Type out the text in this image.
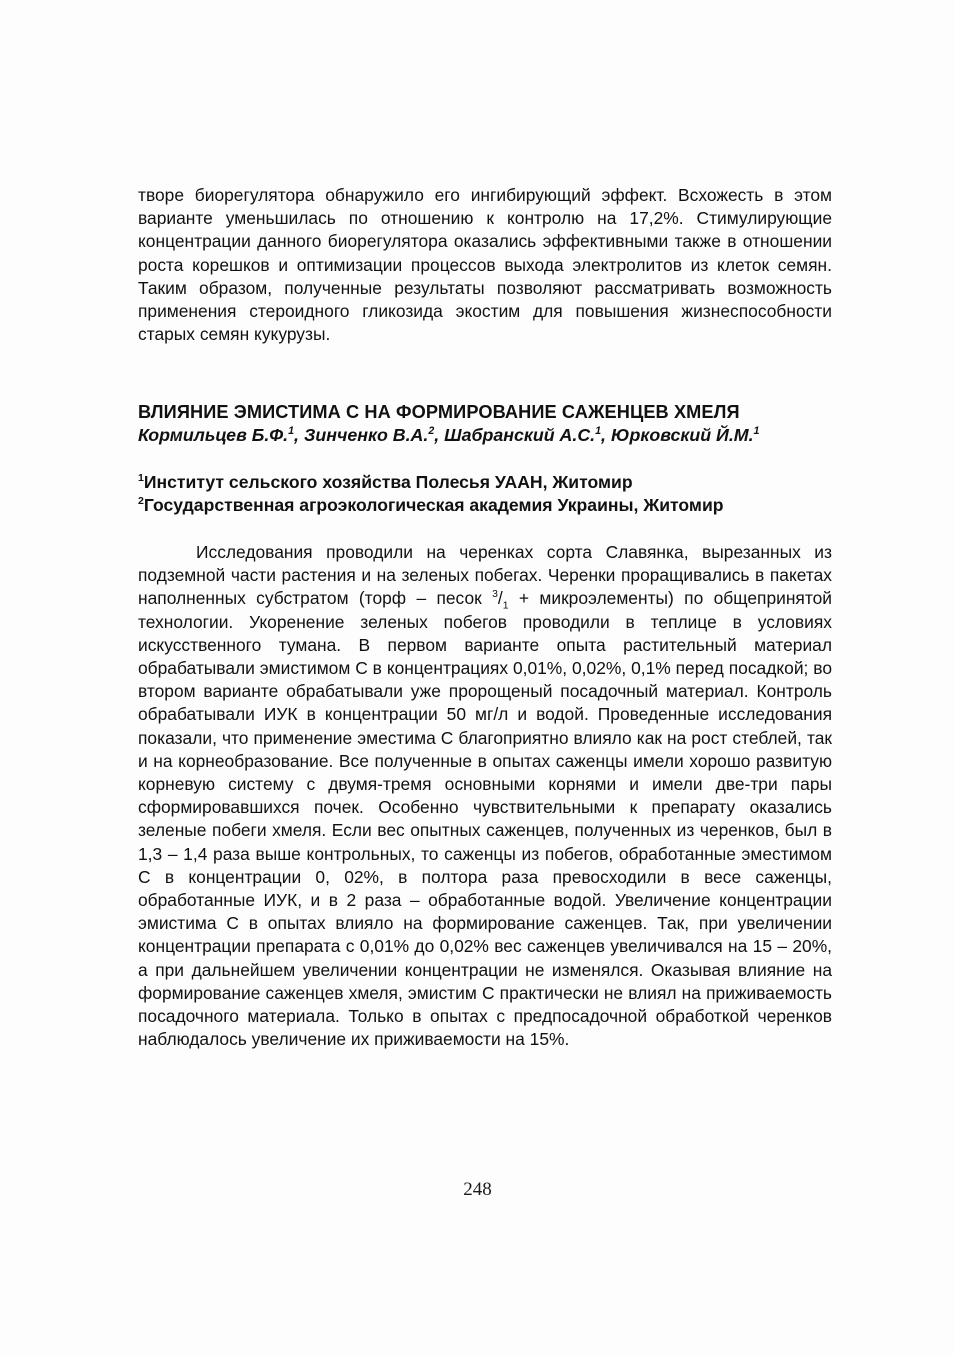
творе биорегулятора обнаружило его ингибирующий эффект. Всхожесть в этом варианте уменьшилась по отношению к контролю на 17,2%. Стимулирующие концентрации данного биорегулятора оказались эффективными также в отношении роста корешков и оптимизации процессов выхода электролитов из клеток семян. Таким образом, полученные результаты позволяют рассматривать возможность применения стероидного гликозида экостим для повышения жизнеспособности старых семян кукурузы.

ВЛИЯНИЕ ЭМИСТИМА С НА ФОРМИРОВАНИЕ САЖЕНЦЕВ ХМЕЛЯ
Кормильцев Б.Ф.$^1$, Зинченко В.А.$^2$, Шабранский А.С.$^1$, Юрковский Й.М.$^1$
$^1$Институт сельского хозяйства Полесья УААН, Житомир
$^2$Государственная агроэкологическая академия Украины, Житомир

Исследования проводили на черенках сорта Славянка, вырезанных из подземной части растения и на зеленых побегах. Черенки проращивались в пакетах наполненных субстратом (торф – песок $^3/_1$ + микроэлементы) по общепринятой технологии. Укоренение зеленых побегов проводили в теплице в условиях искусственного тумана. В первом варианте опыта растительный материал обрабатывали эмистимом С в концентрациях 0,01%, 0,02%, 0,1% перед посадкой; во втором варианте обрабатывали уже пророщеный посадочный материал. Контроль обрабатывали ИУК в концентрации 50 мг/л и водой. Проведенные исследования показали, что применение эместима С благоприятно влияло как на рост стеблей, так и на корнеобразование. Все полученные в опытах саженцы имели хорошо развитую корневую систему с двумя-тремя основными корнями и имели две-три пары сформировавшихся почек. Особенно чувствительными к препарату оказались зеленые побеги хмеля. Если вес опытных саженцев, полученных из черенков, был в 1,3 – 1,4 раза выше контрольных, то саженцы из побегов, обработанные эместимом С в концентрации 0, 02%, в полтора раза превосходили в весе саженцы, обработанные ИУК, и в 2 раза – обработанные водой. Увеличение концентрации эмистима С в опытах влияло на формирование саженцев. Так, при увеличении концентрации препарата с 0,01% до 0,02% вес саженцев увеличивался на 15 – 20%, а при дальнейшем увеличении концентрации не изменялся. Оказывая влияние на формирование саженцев хмеля, эмистим С практически не влиял на приживаемость посадочного материала. Только в опытах с предпосадочной обработкой черенков наблюдалось увеличение их приживаемости на 15%.

248
